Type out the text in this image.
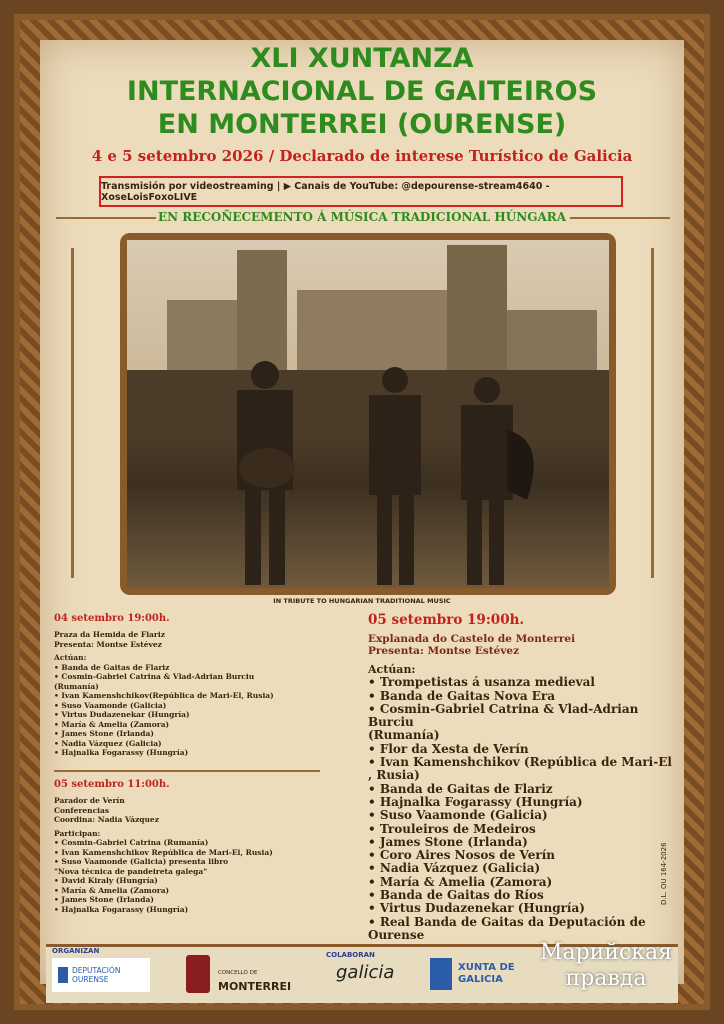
XLI XUNTANZA
INTERNACIONAL DE GAITEIROS
EN MONTERREI (OURENSE)
4 e 5 setembro 2026 / Declarado de interese Turístico de Galicia
Transmisión por videostreaming | ▶ Canais de YouTube: @depourense-stream4640 - XoseLoisFoxoLIVE
EN RECOÑECEMENTO Á MÚSICA TRADICIONAL HÚNGARA
IN TRIBUTE TO HUNGARIAN TRADITIONAL MUSIC
04 setembro 19:00h.
Praza da Hemida de Flariz
Presenta: Montse Estévez
Actúan:
• Banda de Gaitas de Flariz
• Cosmin-Gabriel Catrina & Vlad-Adrian Burciu
(Rumanía)
• Ivan Kamenshchikov(República de Mari-El, Rusia)
• Suso Vaamonde (Galicia)
• Virtus Dudazenekar (Hungría)
• María & Amelia (Zamora)
• James Stone (Irlanda)
• Nadia Vázquez (Galicia)
• Hajnalka Fogarassy (Hungría)
05 setembro 11:00h.
Parador de Verín
Conferencias
Coordina: Nadia Vázquez
Participan:
• Cosmin-Gabriel Catrina (Rumanía)
• Ivan Kamenshchikov República de Mari-El, Rusia)
• Suso Vaamonde (Galicia) presenta libro
"Nova técnica de pandeireta galega"
• David Kiraly (Hungría)
• María & Amelia (Zamora)
• James Stone (Irlanda)
• Hajnalka Fogarassy (Hungría)
05 setembro 19:00h.
Explanada do Castelo de Monterrei
Presenta: Montse Estévez
Actúan:
• Trompetistas á usanza medieval
• Banda de Gaitas Nova Era
• Cosmin-Gabriel Catrina & Vlad-Adrian Burciu
(Rumanía)
• Flor da Xesta de Verín
• Ivan Kamenshchikov (República de Mari-El , Rusia)
• Banda de Gaitas de Flariz
• Hajnalka Fogarassy (Hungría)
• Suso Vaamonde (Galicia)
• Trouleiros de Medeiros
• James Stone (Irlanda)
• Coro Aires Nosos de Verín
• Nadia Vázquez (Galicia)
• María & Amelia (Zamora)
• Banda de Gaitas do Ríos
• Virtus Dudazenekar (Hungría)
• Real Banda de Gaitas da Deputación de Ourense
D.L. OU 164-2026
ORGANIZAN
DEPUTACIÓN OURENSE
CONCELLO DE
MONTERREI
COLABORAN
galicia	XUNTA DE GALICIA
Марийская правда
